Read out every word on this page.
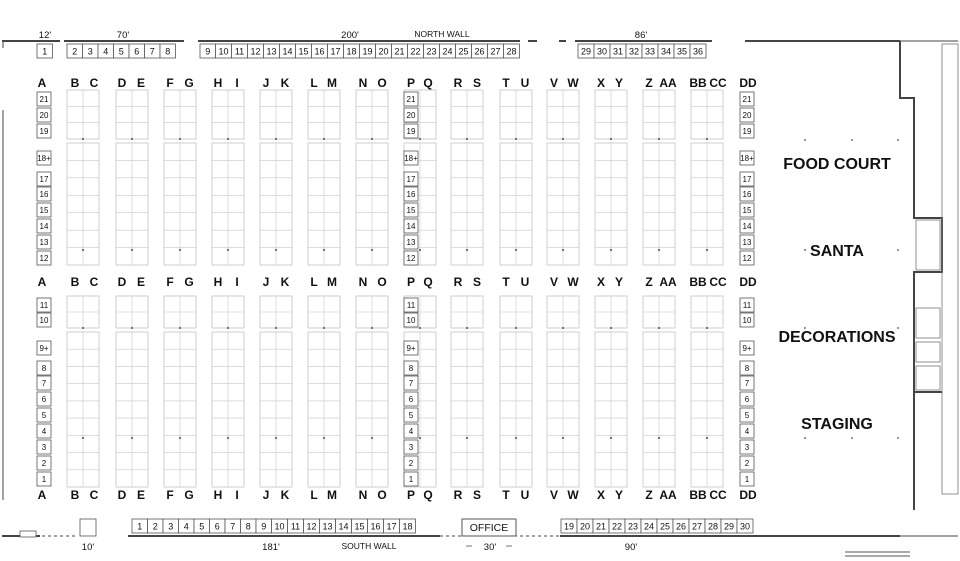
12'	70'	200'	86'
10'	181'	30'	90'
NORTH WALL
SOUTH WALL
OFFICE
1	2 3 4 5 6 7 8	9 10 11 12 13 14 15 16 17 18 19 20 21 22 23 24 25 26 27 28	29 30 31 32 33 34 35 36
1 2 3 4 5 6 7 8 9 10 11 12 13 14 15 16 17 18	19 20 21 22 23 24 25 26 27 28 29 30
A B C D E F G H I J K L M N O P Q R S T U V W X Y Z AA BB CC DD
A B C D E F G H I J K L M N O P Q R S T U V W X Y Z AA BB CC DD
A B C D E F G H I J K L M N O P Q R S T U V W X Y Z AA BB CC DD
21
20
19
18+
17
16
15
14
13
12
21
20
19
18+
17
16
15
14
13
12
21
20
19
18+
17
16
15
14
13
12
11
10
9+
8
7
6
5
4
3
2
1
11
10
9+
8
7
6
5
4
3
2
1
11
10
9+
8
7
6
5
4
3
2
1
FOOD COURT
SANTA
DECORATIONS
STAGING
